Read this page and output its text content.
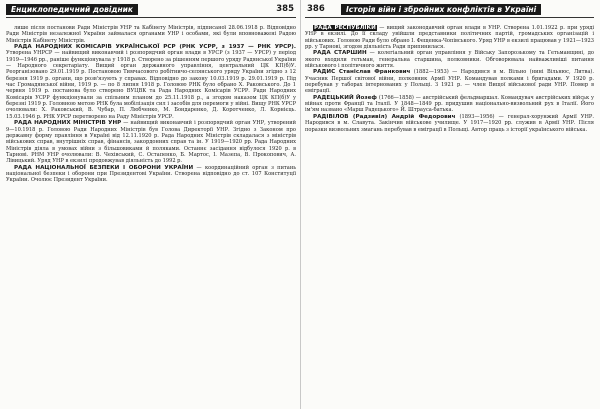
Енциклопедичний довідник	385

лише після постанови Ради Міністрів УНР та Кабінету Міністрів, підписаної 28.06.1918 р. Відповідно Ради Міністрів незалежної України займалася органами УНР і особами, які були вповноважені Радою Міністрів Кабінету Міністрів.

РАДА НАРОДНИХ КОМІСАРІВ УКРАЇНСЬКОЇ РСР (РНК УСРР, з 1937 — РНК УРСР). Утворена УНРСР — найвищий виконавчий і розпорядчий орган влади в УРСР (з 1937 — УРСР) у період 1919—1946 рр., раніше функціонувала у 1918 р. Створено за рішенням першого уряду Радянської України — Народного секретаріату. Вищий орган державного управління, центральний ЦК КП(б)У. Реорганізовано 29.01.1919 р. Постановою Тимчасового робітничо-селянського уряду України згідно з 12 березня 1919 р. органи, що розв'язують у справах. Відповідно до закону 10.03.1919 р. 29.01.1919 р. Під час Громадянської війни, 1919 р. — по 8 липня 1918 р. Головою РНК було обрано Х. Раковського. До 1 червня 1919 р. постанова було створено ВУЦВК та Рада Народних Комісарів УСРР. Ради Народних Комісарів УСРР функціонували за спільним планом до 25.11.1918 р., а згодом наказом ЦК КП(б)У у березні 1919 р. Головною метою РНК була мобілізація сил і засобів для перемоги у війні. Вищу РНК УРСР очолювали: Х. Раковський, В. Чубар, П. Любченко, М. Бондаренко, Д. Коротченко, Л. Корнієць. 15.03.1946 р. РНК УРСР перетворено на Раду Міністрів УРСР.

РАДА НАРОДНИХ МІНІСТРІВ УНР — найвищий виконавчий і розпорядчий орган УНР, утворений 9—10.1918 р. Головою Ради Народних Міністрів був Голова Директорії УНР. Згідно з Законом про державну форму правління в Україні від 12.11.1920 р. Рада Народних Міністрів складалася з міністрів військових справ, внутрішніх справ, фінансів, закордонних справ та ін. У 1919—1920 рр. Рада Народних Міністрів діяла в умовах війни з більшовиками й поляками. Останнє засідання відбулося 1920 р. в Тарнові. РНМ УНР очолювали: В. Чехівський, С. Остапенко, Б. Мартос, І. Мазепа, В. Прокопович, А. Лівицький. Уряд УНР в екзилі продовжував діяльність до 1992 р.

РАДА НАЦІОНАЛЬНОЇ БЕЗПЕКИ І ОБОРОНИ УКРАЇНИ — координаційний орган з питань національної безпеки і оборони при Президентові України. Створена відповідно до ст. 107 Конституції України. Очолює Президент України.

386	Історія війн і збройних конфліктів в Україні

РАДА РЕСПУБЛІКИ — вищий законодавчий орган влади в УНР. Створена 1.01.1922 р. при уряді УНР в екзилі. До її складу увійшли представники політичних партій, громадських організацій і військових. Головою Ради було обрано І. Фещенка-Чопівського. Уряд УНР в екзилі працював у 1921—1923 рр. у Тарнові, згодом діяльність Ради припинилася.

РАДА СТАРШИН — колегіальний орган управління у Війську Запорозькому та Гетьманщині, до якого входили гетьман, генеральна старшина, полковники. Обговорювала найважливіші питання військового і політичного життя.

РАДИС Станіслав Франкович (1882—1953) — Народився в м. Вільно (нині Вільнюс, Литва). Учасник Першої світової війни, полковник Армії УНР. Командував полками і бригадами. У 1920 р. перебував у таборах інтернованих у Польщі. З 1921 р. — член Вищої військової ради УНР. Помер в еміграції.

РАДЕЦЬКИЙ Йозеф (1766—1858) — австрійський фельдмаршал. Командувач австрійських військ у війнах проти Франції та Італії. У 1848—1849 рр. придушив національно-визвольний рух в Італії. Його ім'ям названо «Марш Радецького» Й. Штрауса-батька.

РАДІВІЛОВ (Радзивіл) Андрій Федорович (1893—1956) — генерал-хорунжий Армії УНР. Народився в м. Славута. Закінчив військове училище. У 1917—1920 рр. служив в Армії УНР. Після поразки визвольних змагань перебував в еміграції в Польщі. Автор праць з історії українського війська.
